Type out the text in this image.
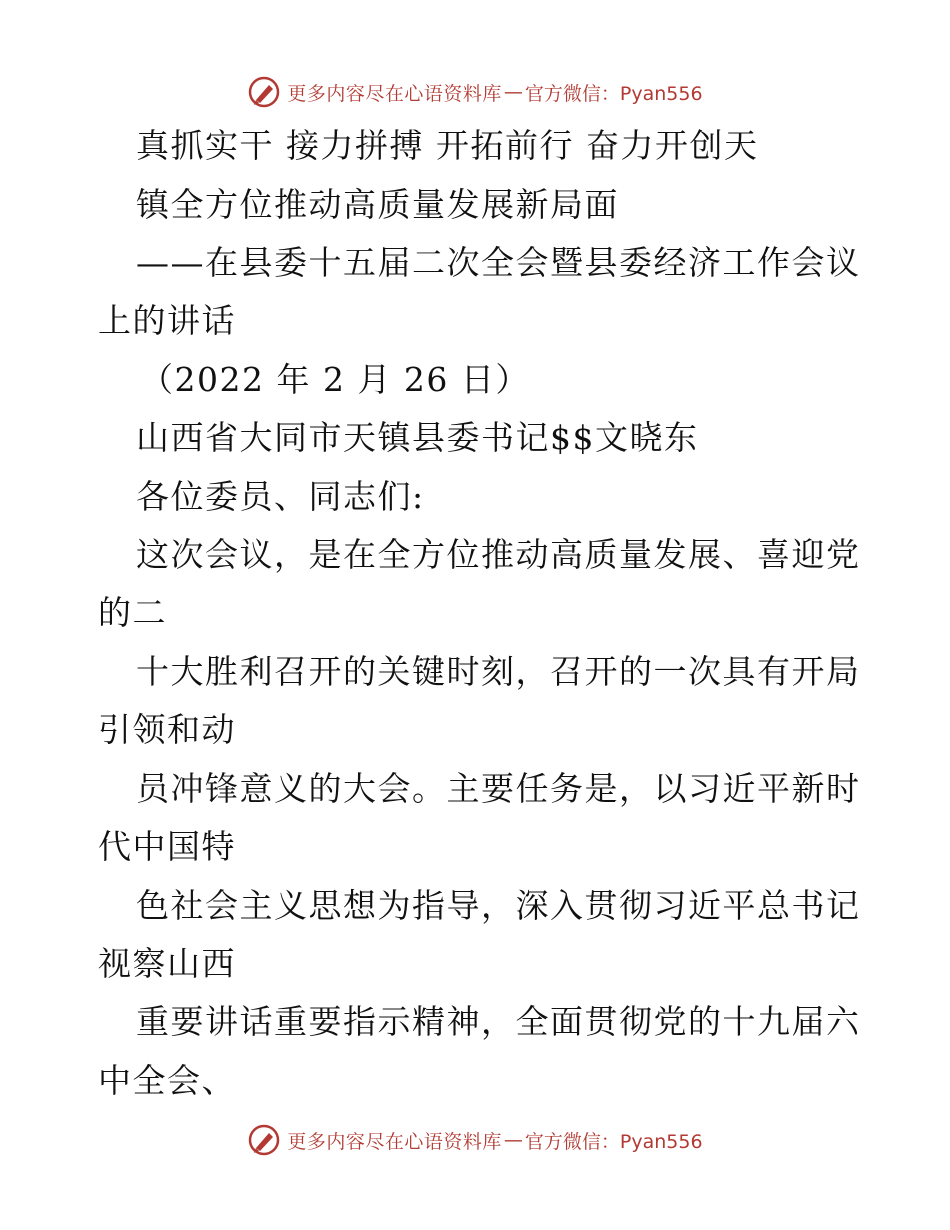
更多内容尽在心语资料库 — 官方微信：Pyan556
真抓实干 接力拼搏 开拓前行 奋力开创天
镇全方位推动高质量发展新局面
——在县委十五届二次全会暨县委经济工作会议
上的讲话
（2022 年 2 月 26 日）
山西省大同市天镇县委书记$$文晓东
各位委员、同志们:
这次会议，是在全方位推动高质量发展、喜迎党
的二
十大胜利召开的关键时刻，召开的一次具有开局
引领和动
员冲锋意义的大会。主要任务是，以习近平新时
代中国特
色社会主义思想为指导，深入贯彻习近平总书记
视察山西
重要讲话重要指示精神，全面贯彻党的十九届六
中全会、
更多内容尽在心语资料库 — 官方微信：Pyan556
